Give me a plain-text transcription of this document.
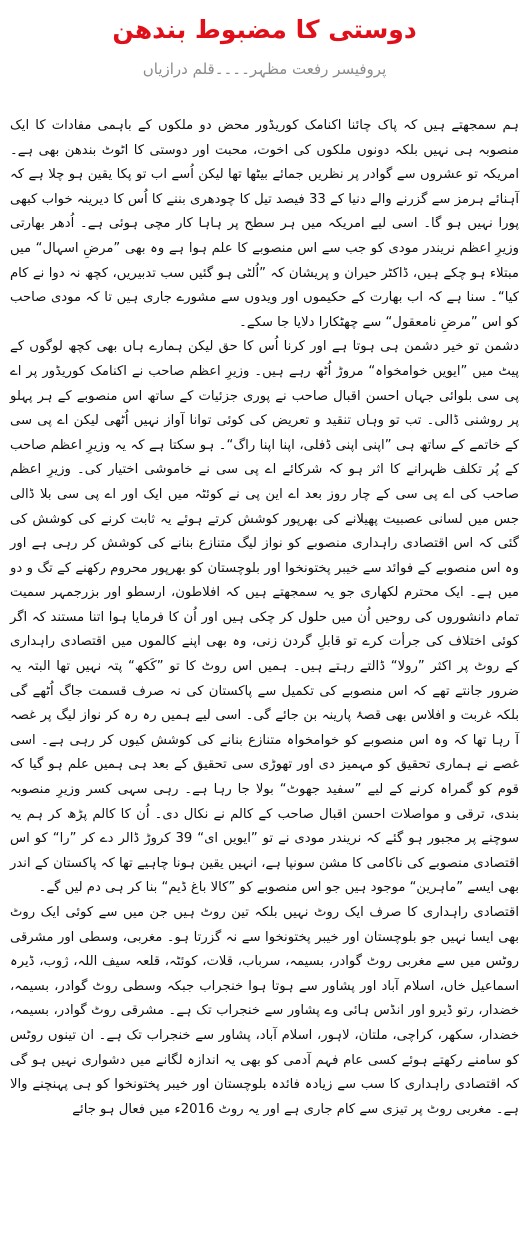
دوستی کا مضبوط بندھن
پروفیسر رفعت مظہر۔۔۔۔قلم درازیاں

ہم سمجھتے ہیں کہ پاک چائنا اکنامک کوریڈور محض دو ملکوں کے باہمی مفادات کا ایک منصوبہ ہی نہیں بلکہ دونوں ملکوں کی اخوت، محبت اور دوستی کا اٹوٹ بندھن بھی ہے۔ امریکہ تو عشروں سے گوادر پر نظریں جمائے بیٹھا تھا لیکن اُسے اب تو پکا یقین ہو چلا ہے کہ آہنائے ہرمز سے گزرنے والے دنیا کے 33 فیصد تیل کا چودھری بننے کا اُس کا دیرینہ خواب کبھی پورا نہیں ہو گا۔ اسی لیے امریکہ میں ہر سطح پر ہاہا کار مچی ہوئی ہے۔ اُدھر بھارتی وزیرِ اعظم نریندر مودی کو جب سے اس منصوبے کا علم ہوا ہے وہ بھی ”مرضِ اسہال“ میں مبتلاء ہو چکے ہیں، ڈاکٹر حیران و پریشان کہ ”اُلٹی ہو گئیں سب تدبیریں، کچھ نہ دوا نے کام کیا“۔ سنا ہے کہ اب بھارت کے حکیموں اور ویدوں سے مشورے جاری ہیں تا کہ مودی صاحب کو اس ”مرضِ نامعقول“ سے چھٹکارا دلایا جا سکے۔

دشمن تو خیر دشمن ہی ہوتا ہے اور کرنا اُس کا حق لیکن ہمارے ہاں بھی کچھ لوگوں کے پیٹ میں ”ایویں خوامخواہ“ مروڑ اُٹھ رہے ہیں۔ وزیرِ اعظم صاحب نے اکنامک کوریڈور پر اے پی سی بلوائی جہاں احسن اقبال صاحب نے پوری جزئیات کے ساتھ اس منصوبے کے ہر پہلو پر روشنی ڈالی۔ تب تو وہاں تنقید و تعریض کی کوئی توانا آواز نہیں اُٹھی لیکن اے پی سی کے خاتمے کے ساتھ ہی ”اپنی اپنی ڈفلی، اپنا اپنا راگ“۔ ہو سکتا ہے کہ یہ وزیرِ اعظم صاحب کے پُر تکلف ظہرانے کا اثر ہو کہ شرکائے اے پی سی نے خاموشی اختیار کی۔ وزیرِ اعظم صاحب کی اے پی سی کے چار روز بعد اے این پی نے کوئٹہ میں ایک اور اے پی سی بلا ڈالی جس میں لسانی عصبیت پھیلانے کی بھرپور کوشش کرتے ہوئے یہ ثابت کرنے کی کوشش کی گئی کہ اس اقتصادی راہداری منصوبے کو نواز لیگ متنازع بنانے کی کوشش کر رہی ہے اور وہ اس منصوبے کے فوائد سے خیبر پختونخوا اور بلوچستان کو بھرپور محروم رکھنے کے تگ و دو میں ہے۔ ایک محترم لکھاری جو یہ سمجھتے ہیں کہ افلاطون، ارسطو اور بزرجمہر سمیت تمام دانشوروں کی روحیں اُن میں حلول کر چکی ہیں اور اُن کا فرمایا ہوا اتنا مستند کہ اگر کوئی اختلاف کی جرأت کرے تو قابلِ گردن زنی، وہ بھی اپنے کالموں میں اقتصادی راہداری کے روٹ پر اکثر ”رولا“ ڈالتے رہتے ہیں۔ ہمیں اس روٹ کا تو ”کَکھ“ پتہ نہیں تھا البتہ یہ ضرور جانتے تھے کہ اس منصوبے کی تکمیل سے پاکستان کی نہ صرف قسمت جاگ اُٹھے گی بلکہ غربت و افلاس بھی قصۂ پارینہ بن جائے گی۔ اسی لیے ہمیں رہ رہ کر نواز لیگ پر غصہ آ رہا تھا کہ وہ اس منصوبے کو خوامخواہ متنازع بنانے کی کوشش کیوں کر رہی ہے۔ اسی غصے نے ہماری تحقیق کو مہمیز دی اور تھوڑی سی تحقیق کے بعد ہی ہمیں علم ہو گیا کہ قوم کو گمراہ کرنے کے لیے ”سفید جھوٹ“ بولا جا رہا ہے۔ رہی سہی کسر وزیرِ منصوبہ بندی، ترقی و مواصلات احسن اقبال صاحب کے کالم نے نکال دی۔ اُن کا کالم پڑھ کر ہم یہ سوچنے پر مجبور ہو گئے کہ نریندر مودی نے تو ”ایویں ای“ 39 کروڑ ڈالر دے کر ”را“ کو اس اقتصادی منصوبے کی ناکامی کا مشن سونپا ہے، انہیں یقین ہونا چاہیے تھا کہ پاکستان کے اندر بھی ایسے ”ماہرین“ موجود ہیں جو اس منصوبے کو ”کالا باغ ڈیم“ بنا کر ہی دم لیں گے۔

اقتصادی راہداری کا صرف ایک روٹ نہیں بلکہ تین روٹ ہیں جن میں سے کوئی ایک روٹ بھی ایسا نہیں جو بلوچستان اور خیبر پختونخوا سے نہ گزرتا ہو۔ مغربی، وسطی اور مشرقی روٹس میں سے مغربی روٹ گوادر، بسیمہ، سرباب، قلات، کوئٹہ، قلعہ سیف اللہ، ژوب، ڈیرہ اسماعیل خاں، اسلام آباد اور پشاور سے ہوتا ہوا خنجراب جبکہ وسطی روٹ گوادر، بسیمہ، خضدار، رتو ڈیرو اور انڈس ہائی وے پشاور سے خنجراب تک ہے۔ مشرقی روٹ گوادر، بسیمہ، خضدار، سکھر، کراچی، ملتان، لاہور، اسلام آباد، پشاور سے خنجراب تک ہے۔ ان تینوں روٹس کو سامنے رکھتے ہوئے کسی عام فہم آدمی کو بھی یہ اندازہ لگانے میں دشواری نہیں ہو گی کہ اقتصادی راہداری کا سب سے زیادہ فائدہ بلوچستان اور خیبر پختونخوا کو ہی پہنچنے والا ہے۔ مغربی روٹ پر تیزی سے کام جاری ہے اور یہ روٹ 2016ء میں فعال ہو جائے
